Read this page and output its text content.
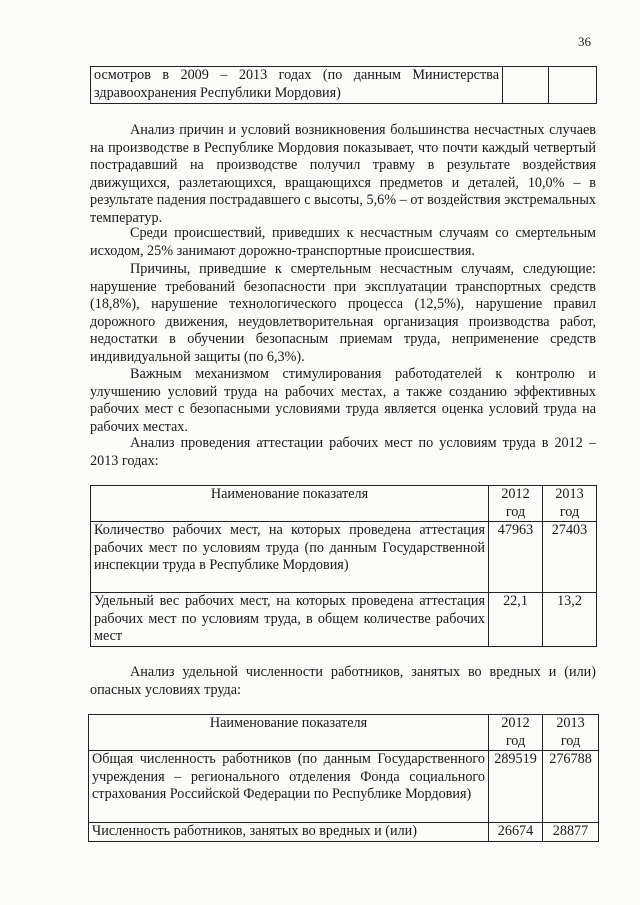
36
осмотров в 2009 – 2013 годах (по данным Министерства здравоохранения Республики Мордовия)		

Анализ причин и условий возникновения большинства несчастных случаев на производстве в Республике Мордовия показывает, что почти каждый четвертый пострадавший на производстве получил травму в результате воздействия движущихся, разлетающихся, вращающихся предметов и деталей, 10,0% – в результате падения пострадавшего с высоты, 5,6% – от воздействия экстремальных температур.

Среди происшествий, приведших к несчастным случаям со смертельным исходом, 25% занимают дорожно-транспортные происшествия.

Причины, приведшие к смертельным несчастным случаям, следующие: нарушение требований безопасности при эксплуатации транспортных средств (18,8%), нарушение технологического процесса (12,5%), нарушение правил дорожного движения, неудовлетворительная организация производства работ, недостатки в обучении безопасным приемам труда, неприменение средств индивидуальной защиты (по 6,3%).

Важным механизмом стимулирования работодателей к контролю и улучшению условий труда на рабочих местах, а также созданию эффективных рабочих мест с безопасными условиями труда является оценка условий труда на рабочих местах.

Анализ проведения аттестации рабочих мест по условиям труда в 2012 – 2013 годах:

Наименование показателя	2012 год	2013 год
Количество рабочих мест, на которых проведена аттестация рабочих мест по условиям труда (по данным Государственной инспекции труда в Республике Мордовия)	47963	27403
Удельный вес рабочих мест, на которых проведена аттестация рабочих мест по условиям труда, в общем количестве рабочих мест	22,1	13,2

Анализ удельной численности работников, занятых во вредных и (или) опасных условиях труда:

Наименование показателя	2012 год	2013 год
Общая численность работников (по данным Государственного учреждения – регионального отделения Фонда социального страхования Российской Федерации по Республике Мордовия)	289519	276788
Численность работников, занятых во вредных и (или)	26674	28877
